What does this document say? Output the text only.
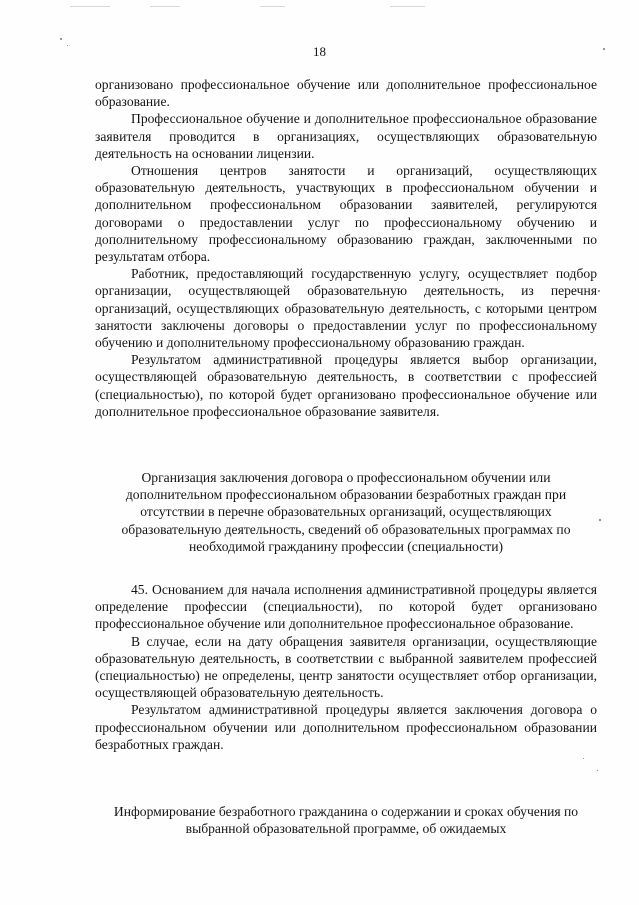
18

организовано профессиональное обучение или дополнительное профессиональное образование.

Профессиональное обучение и дополнительное профессиональное образование заявителя проводится в организациях, осуществляющих образовательную деятельность на основании лицензии.

Отношения центров занятости и организаций, осуществляющих образовательную деятельность, участвующих в профессиональном обучении и дополнительном профессиональном образовании заявителей, регулируются договорами о предоставлении услуг по профессиональному обучению и дополнительному профессиональному образованию граждан, заключенными по результатам отбора.

Работник, предоставляющий государственную услугу, осуществляет подбор организации, осуществляющей образовательную деятельность, из перечня организаций, осуществляющих образовательную деятельность, с которыми центром занятости заключены договоры о предоставлении услуг по профессиональному обучению и дополнительному профессиональному образованию граждан.

Результатом административной процедуры является выбор организации, осуществляющей образовательную деятельность, в соответствии с профессией (специальностью), по которой будет организовано профессиональное обучение или дополнительное профессиональное образование заявителя.

Организация заключения договора о профессиональном обучении или дополнительном профессиональном образовании безработных граждан при отсутствии в перечне образовательных организаций, осуществляющих образовательную деятельность, сведений об образовательных программах по необходимой гражданину профессии (специальности)

45. Основанием для начала исполнения административной процедуры является определение профессии (специальности), по которой будет организовано профессиональное обучение или дополнительное профессиональное образование.

В случае, если на дату обращения заявителя организации, осуществляющие образовательную деятельность, в соответствии с выбранной заявителем профессией (специальностью) не определены, центр занятости осуществляет отбор организации, осуществляющей образовательную деятельность.

Результатом административной процедуры является заключения договора о профессиональном обучении или дополнительном профессиональном образовании безработных граждан.

Информирование безработного гражданина о содержании и сроках обучения по выбранной образовательной программе, об ожидаемых
